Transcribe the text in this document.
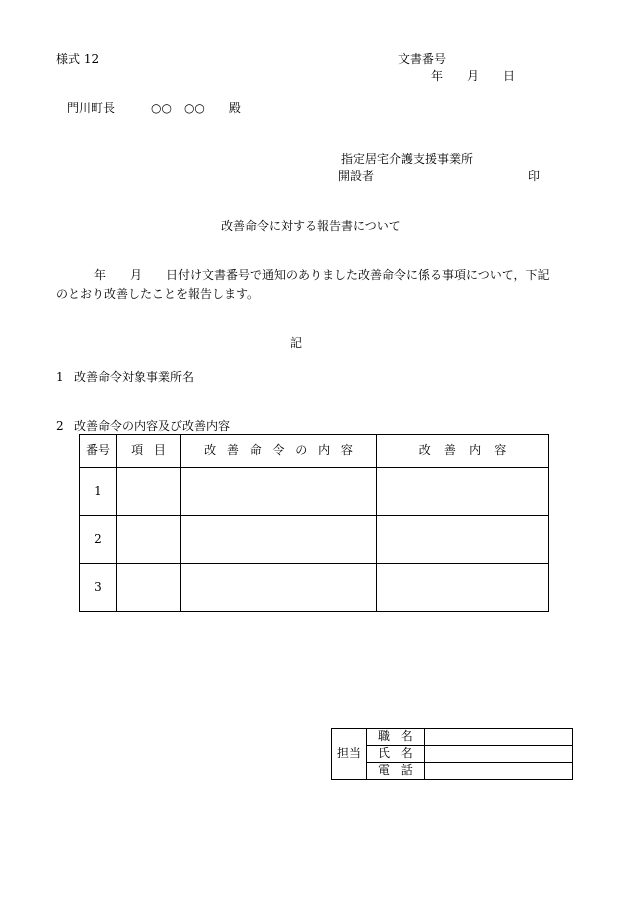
様式 12	文書番号
年　　月　　日
門川町長　　　○○　○○　　殿
指定居宅介護支援事業所
開設者	印
改善命令に対する報告書について
年　　月　　日付け文書番号で通知のありました改善命令に係る事項について，下記
のとおり改善したことを報告します。
記
1 改善命令対象事業所名
2 改善命令の内容及び改善内容
番号	項目	改善命令の内容	改善内容
1			
2			
3			
担当	職名	
	氏名	
	電話	
